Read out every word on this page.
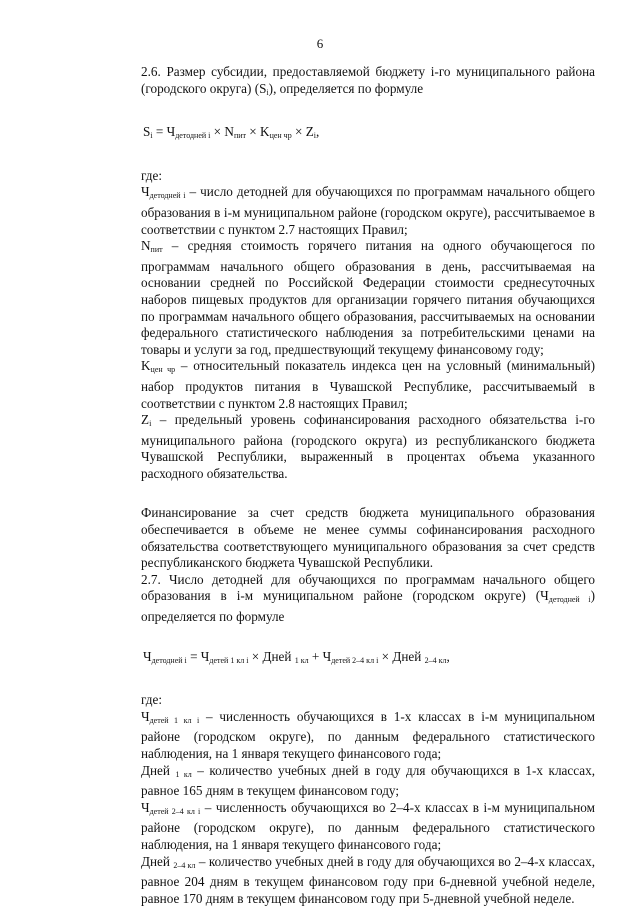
6

2.6. Размер субсидии, предоставляемой бюджету i-го муниципального района (городского округа) $(S_i)$, определяется по формуле

$S_i = Ч_{детодней i} \times N_{пит} \times K_{цен чр} \times Z_i$,

где:

$Ч_{детодней i}$ – число детодней для обучающихся по программам начального общего образования в i-м муниципальном районе (городском округе), рассчитываемое в соответствии с пунктом 2.7 настоящих Правил;

$N_{пит}$ – средняя стоимость горячего питания на одного обучающегося по программам начального общего образования в день, рассчитываемая на основании средней по Российской Федерации стоимости среднесуточных наборов пищевых продуктов для организации горячего питания обучающихся по программам начального общего образования, рассчитываемых на основании федерального статистического наблюдения за потребительскими ценами на товары и услуги за год, предшествующий текущему финансовому году;

$K_{цен чр}$ – относительный показатель индекса цен на условный (минимальный) набор продуктов питания в Чувашской Республике, рассчитываемый в соответствии с пунктом 2.8 настоящих Правил;

$Z_i$ – предельный уровень софинансирования расходного обязательства i-го муниципального района (городского округа) из республиканского бюджета Чувашской Республики, выраженный в процентах объема указанного расходного обязательства.

Финансирование за счет средств бюджета муниципального образования обеспечивается в объеме не менее суммы софинансирования расходного обязательства соответствующего муниципального образования за счет средств республиканского бюджета Чувашской Республики.

2.7. Число детодней для обучающихся по программам начального общего образования в i-м муниципальном районе (городском округе) $(Ч_{детодней i})$ определяется по формуле

$Ч_{детодней i} = Ч_{детей 1 кл i}$ × Дней $_{1 кл} + Ч_{детей 2-4 кл i}$ × Дней $_{2-4 кл}$,

где:

$Ч_{детей 1 кл i}$ – численность обучающихся в 1-х классах в i-м муниципальном районе (городском округе), по данным федерального статистического наблюдения, на 1 января текущего финансового года;

Дней $_{1 кл}$ – количество учебных дней в году для обучающихся в 1-х классах, равное 165 дням в текущем финансовом году;

$Ч_{детей 2-4 кл i}$ – численность обучающихся во 2–4-х классах в i-м муниципальном районе (городском округе), по данным федерального статистического наблюдения, на 1 января текущего финансового года;

Дней $_{2-4 кл}$ – количество учебных дней в году для обучающихся во 2–4-х классах, равное 204 дням в текущем финансовом году при 6-дневной учебной неделе, равное 170 дням в текущем финансовом году при 5-дневной учебной неделе.
